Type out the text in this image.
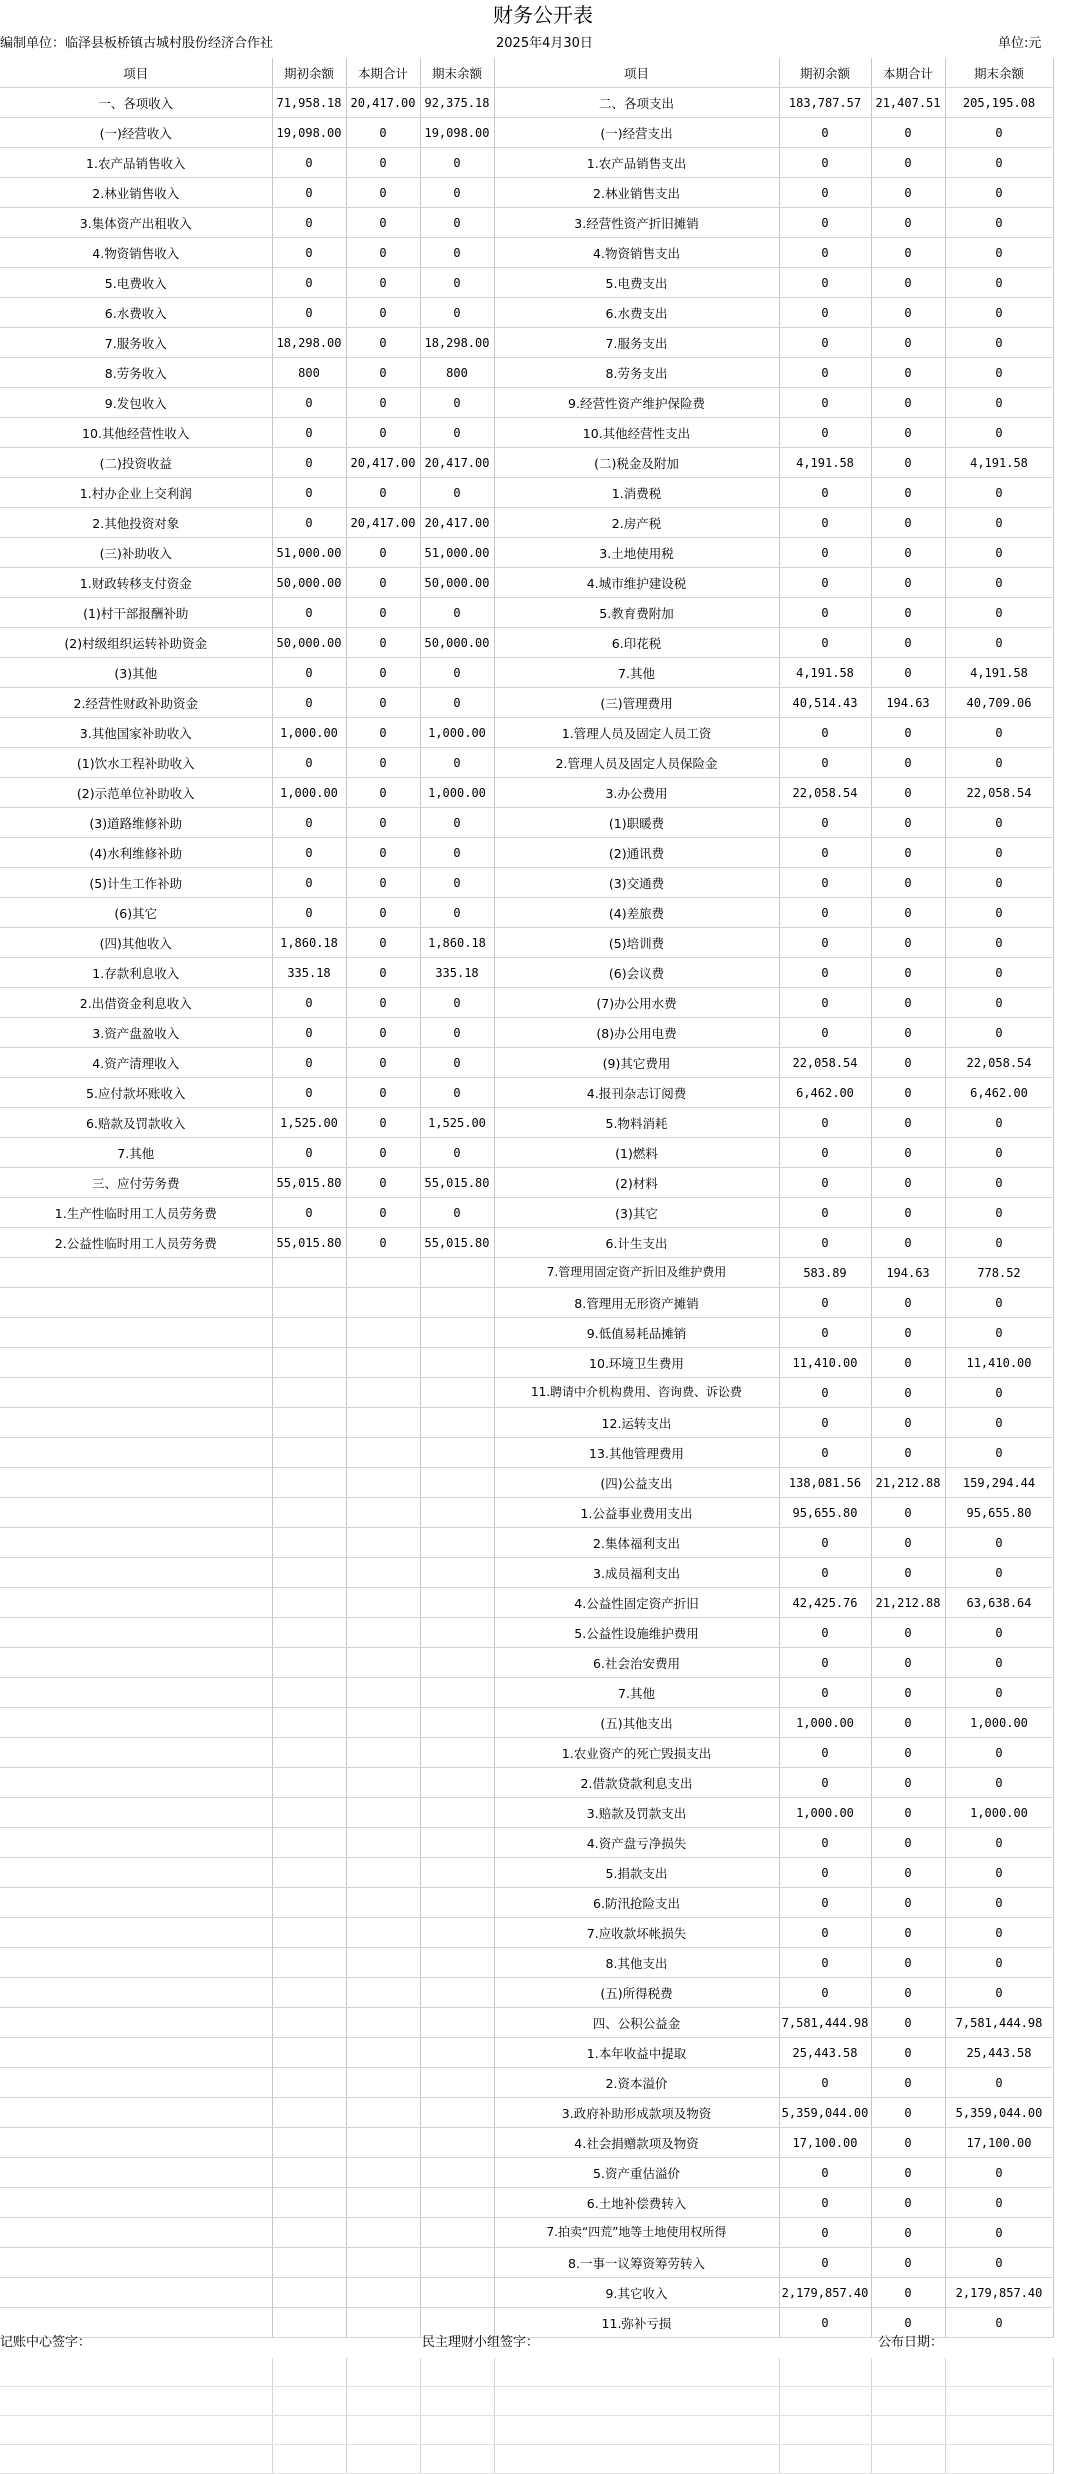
财务公开表
编制单位：临泽县板桥镇古城村股份经济合作社	2025年4月30日	单位:元
项目	期初余额	本期合计	期末余额	项目	期初余额	本期合计	期末余额
一、各项收入	71,958.18	20,417.00	92,375.18	二、各项支出	183,787.57	21,407.51	205,195.08
(一)经营收入	19,098.00	0	19,098.00	(一)经营支出	0	0	0
1.农产品销售收入	0	0	0	1.农产品销售支出	0	0	0
2.林业销售收入	0	0	0	2.林业销售支出	0	0	0
3.集体资产出租收入	0	0	0	3.经营性资产折旧摊销	0	0	0
4.物资销售收入	0	0	0	4.物资销售支出	0	0	0
5.电费收入	0	0	0	5.电费支出	0	0	0
6.水费收入	0	0	0	6.水费支出	0	0	0
7.服务收入	18,298.00	0	18,298.00	7.服务支出	0	0	0
8.劳务收入	800	0	800	8.劳务支出	0	0	0
9.发包收入	0	0	0	9.经营性资产维护保险费	0	0	0
10.其他经营性收入	0	0	0	10.其他经营性支出	0	0	0
(二)投资收益	0	20,417.00	20,417.00	(二)税金及附加	4,191.58	0	4,191.58
1.村办企业上交利润	0	0	0	1.消费税	0	0	0
2.其他投资对象	0	20,417.00	20,417.00	2.房产税	0	0	0
(三)补助收入	51,000.00	0	51,000.00	3.土地使用税	0	0	0
1.财政转移支付资金	50,000.00	0	50,000.00	4.城市维护建设税	0	0	0
(1)村干部报酬补助	0	0	0	5.教育费附加	0	0	0
(2)村级组织运转补助资金	50,000.00	0	50,000.00	6.印花税	0	0	0
(3)其他	0	0	0	7.其他	4,191.58	0	4,191.58
2.经营性财政补助资金	0	0	0	(三)管理费用	40,514.43	194.63	40,709.06
3.其他国家补助收入	1,000.00	0	1,000.00	1.管理人员及固定人员工资	0	0	0
(1)饮水工程补助收入	0	0	0	2.管理人员及固定人员保险金	0	0	0
(2)示范单位补助收入	1,000.00	0	1,000.00	3.办公费用	22,058.54	0	22,058.54
(3)道路维修补助	0	0	0	(1)职暖费	0	0	0
(4)水利维修补助	0	0	0	(2)通讯费	0	0	0
(5)计生工作补助	0	0	0	(3)交通费	0	0	0
(6)其它	0	0	0	(4)差旅费	0	0	0
(四)其他收入	1,860.18	0	1,860.18	(5)培训费	0	0	0
1.存款利息收入	335.18	0	335.18	(6)会议费	0	0	0
2.出借资金利息收入	0	0	0	(7)办公用水费	0	0	0
3.资产盘盈收入	0	0	0	(8)办公用电费	0	0	0
4.资产清理收入	0	0	0	(9)其它费用	22,058.54	0	22,058.54
5.应付款坏账收入	0	0	0	4.报刊杂志订阅费	6,462.00	0	6,462.00
6.赔款及罚款收入	1,525.00	0	1,525.00	5.物料消耗	0	0	0
7.其他	0	0	0	(1)燃料	0	0	0
三、应付劳务费	55,015.80	0	55,015.80	(2)材料	0	0	0
1.生产性临时用工人员劳务费	0	0	0	(3)其它	0	0	0
2.公益性临时用工人员劳务费	55,015.80	0	55,015.80	6.计生支出	0	0	0
				7.管理用固定资产折旧及维护费用	583.89	194.63	778.52
				8.管理用无形资产摊销	0	0	0
				9.低值易耗品摊销	0	0	0
				10.环境卫生费用	11,410.00	0	11,410.00
				11.聘请中介机构费用、咨询费、诉讼费	0	0	0
				12.运转支出	0	0	0
				13.其他管理费用	0	0	0
				(四)公益支出	138,081.56	21,212.88	159,294.44
				1.公益事业费用支出	95,655.80	0	95,655.80
				2.集体福利支出	0	0	0
				3.成员福利支出	0	0	0
				4.公益性固定资产折旧	42,425.76	21,212.88	63,638.64
				5.公益性设施维护费用	0	0	0
				6.社会治安费用	0	0	0
				7.其他	0	0	0
				(五)其他支出	1,000.00	0	1,000.00
				1.农业资产的死亡毁损支出	0	0	0
				2.借款贷款利息支出	0	0	0
				3.赔款及罚款支出	1,000.00	0	1,000.00
				4.资产盘亏净损失	0	0	0
				5.捐款支出	0	0	0
				6.防汛抢险支出	0	0	0
				7.应收款坏帐损失	0	0	0
				8.其他支出	0	0	0
				(五)所得税费	0	0	0
				四、公积公益金	7,581,444.98	0	7,581,444.98
				1.本年收益中提取	25,443.58	0	25,443.58
				2.资本溢价	0	0	0
				3.政府补助形成款项及物资	5,359,044.00	0	5,359,044.00
				4.社会捐赠款项及物资	17,100.00	0	17,100.00
				5.资产重估溢价	0	0	0
				6.土地补偿费转入	0	0	0
				7.拍卖“四荒”地等土地使用权所得	0	0	0
				8.一事一议筹资筹劳转入	0	0	0
				9.其它收入	2,179,857.40	0	2,179,857.40
				11.弥补亏损	0	0	0
记账中心签字：	民主理财小组签字：	公布日期：
